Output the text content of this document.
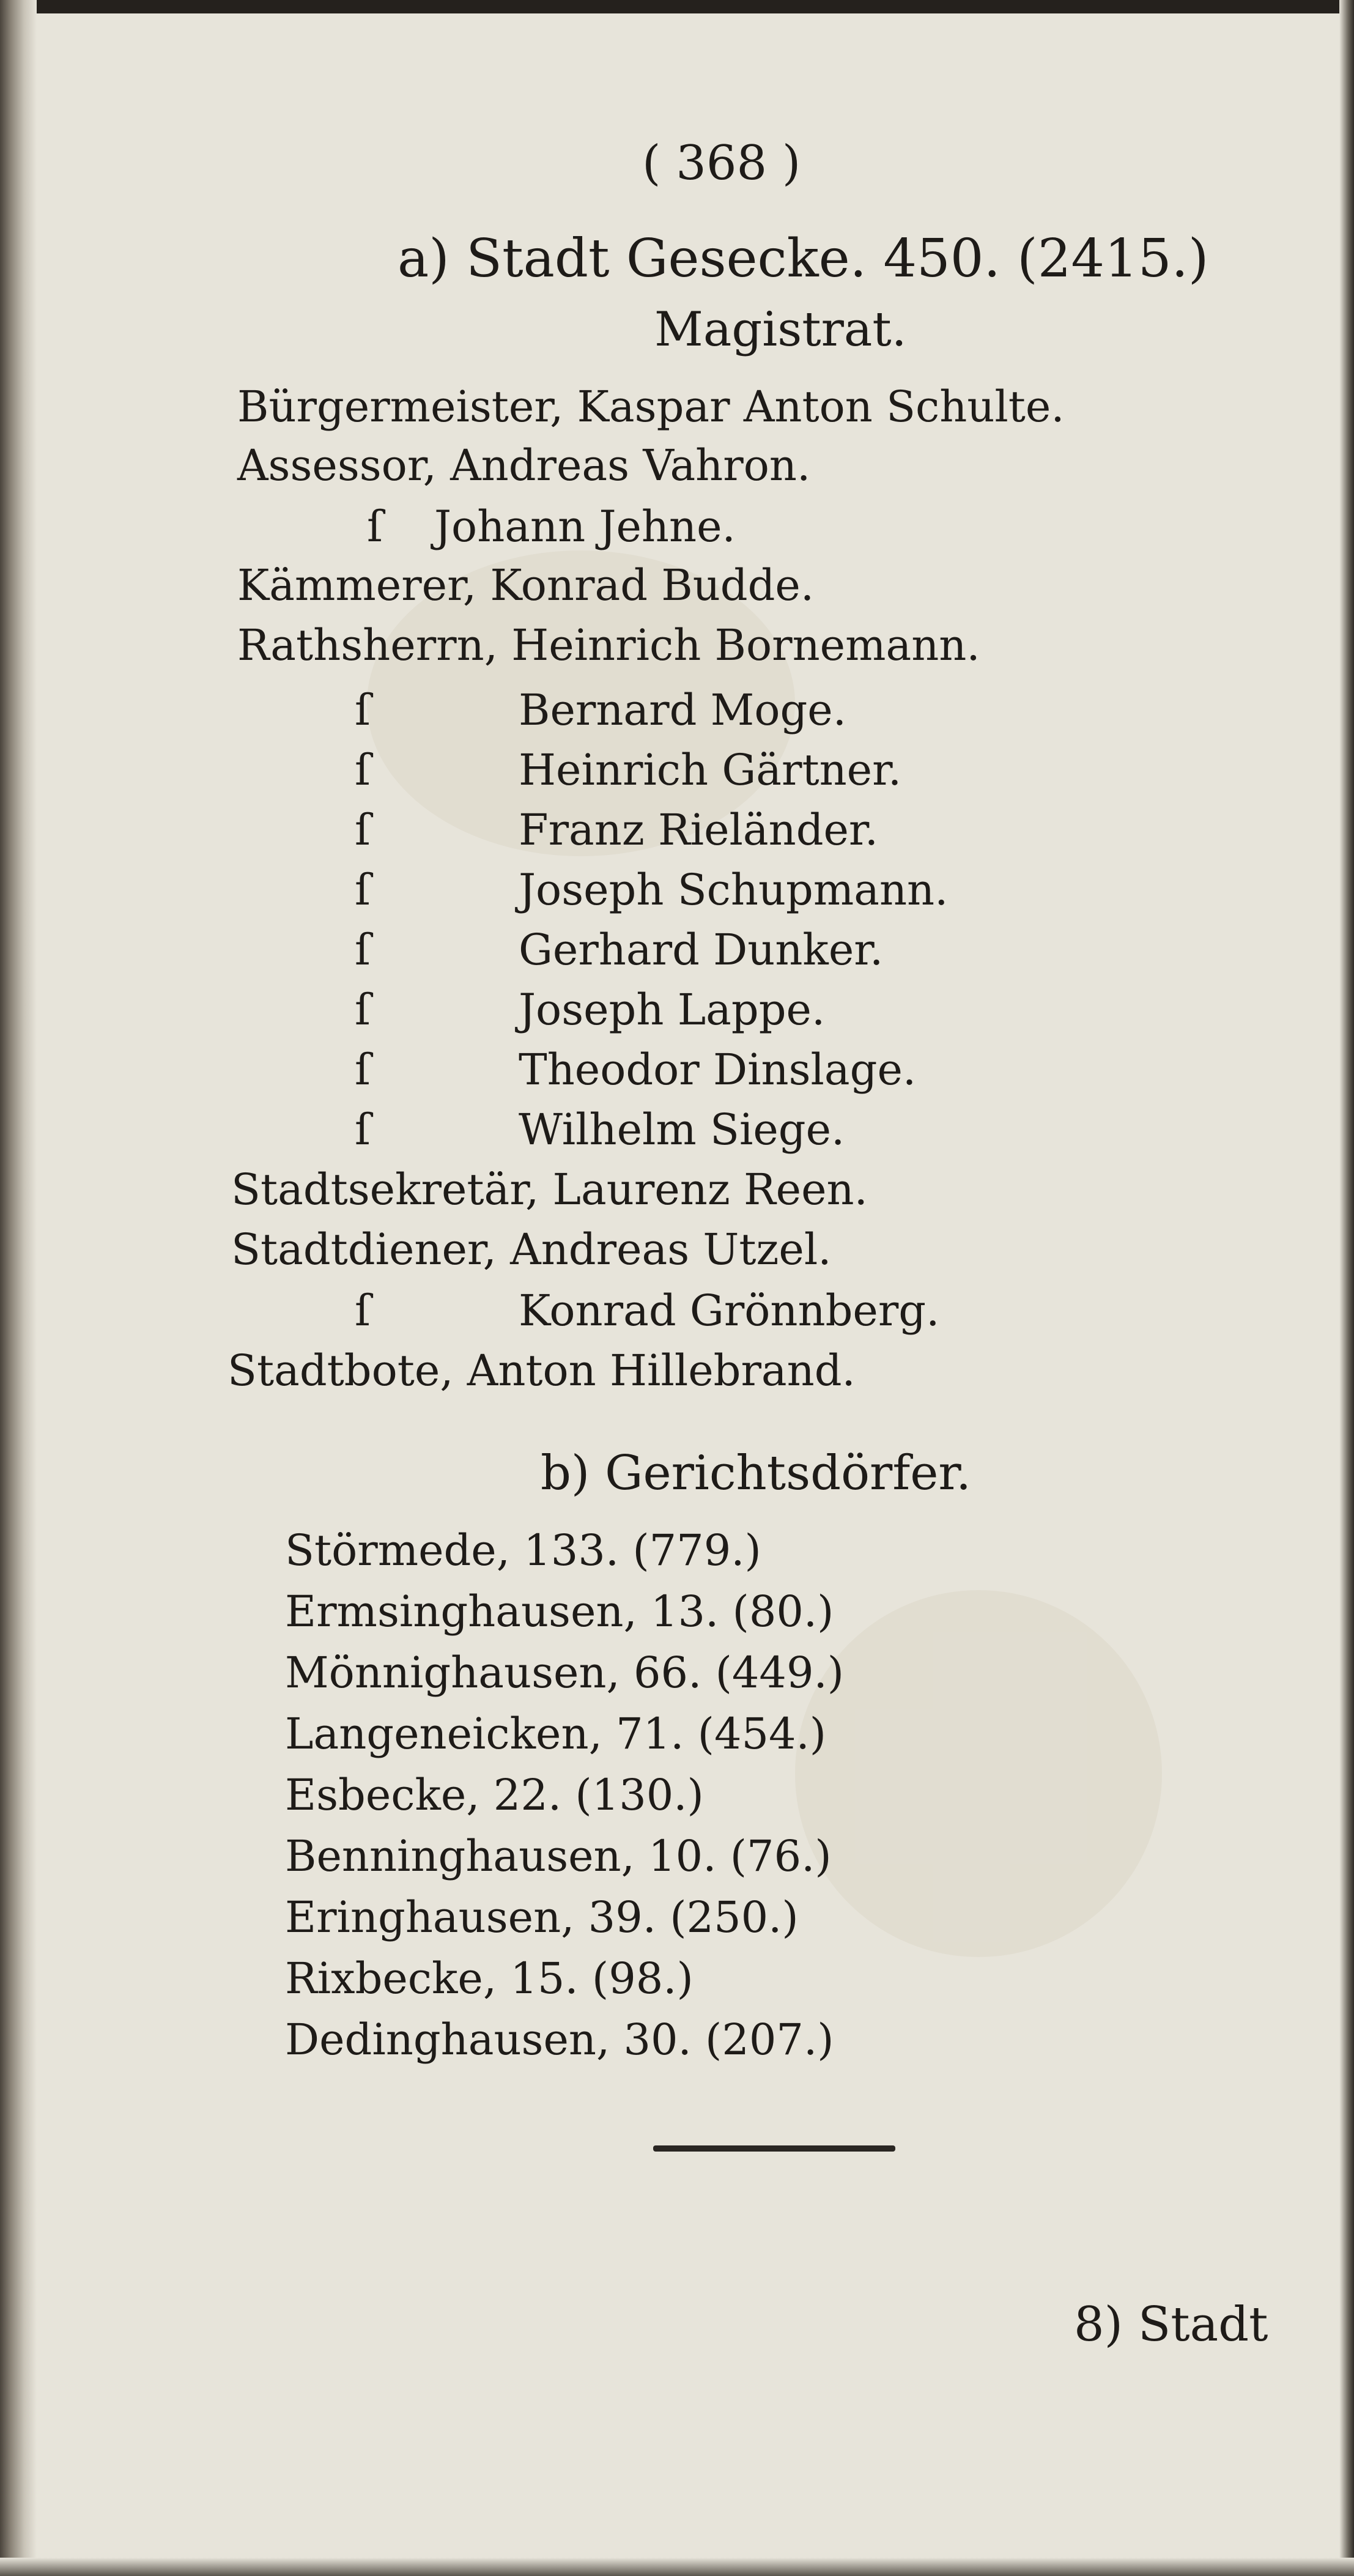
( 368 )
a) Stadt Gesecke. 450. (2415.)
Magistrat.
Bürgermeister, Kaspar Anton Schulte.
Assessor, Andreas Vahron.
ſ Johann Jehne.
Kämmerer, Konrad Budde.
Rathsherrn, Heinrich Bornemann.
ſ	Bernard Moge.
ſ	Heinrich Gärtner.
ſ	Franz Rieländer.
ſ	Joseph Schupmann.
ſ	Gerhard Dunker.
ſ	Joseph Lappe.
ſ	Theodor Dinslage.
ſ	Wilhelm Siege.
Stadtsekretär, Laurenz Reen.
Stadtdiener, Andreas Utzel.
ſ	Konrad Grönnberg.
Stadtbote, Anton Hillebrand.
b) Gerichtsdörfer.
Störmede, 133. (779.)
Ermsinghausen, 13. (80.)
Mönnighausen, 66. (449.)
Langeneicken, 71. (454.)
Esbecke, 22. (130.)
Benninghausen, 10. (76.)
Eringhausen, 39. (250.)
Rixbecke, 15. (98.)
Dedinghausen, 30. (207.)
8) Stadt
